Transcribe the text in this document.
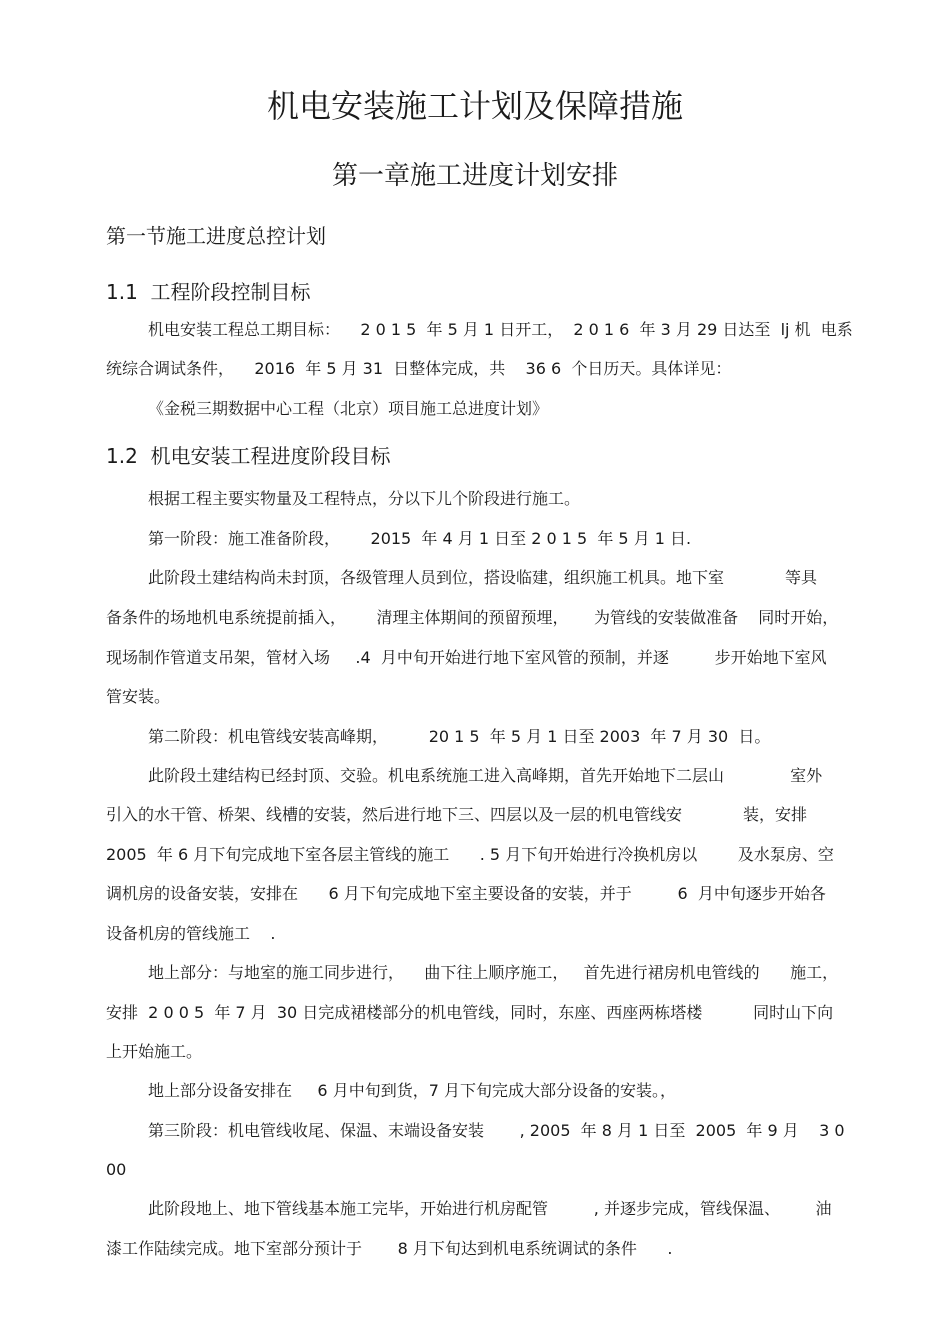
机电安装施工计划及保障措施
第一章施工进度计划安排
第一节施工进度总控计划
1.1  工程阶段控制目标
机电安装工程总工期目标：    2 0 1 5  年 5 月 1 日开工，  2 0 1 6  年 3 月 29 日达至  lj 机  电系
统综合调试条件，    2016  年 5 月 31  日整体完成，共    36 6  个日历天。具体详见：
《金税三期数据中心工程（北京）项目施工总进度计划》
1.2  机电安装工程进度阶段目标
根据工程主要实物量及工程特点，分以下儿个阶段进行施工。
第一阶段：施工准备阶段，      2015  年 4 月 1 日至 2 0 1 5  年 5 月 1 日.
此阶段土建结构尚未封顶，各级管理人员到位，搭设临建，组织施工机具。地下室            等具
备条件的场地机电系统提前插入，      清理主体期间的预留预埋，     为管线的安装做准备    同时开始，
现场制作管道支吊架，管材入场     .4  月中旬开始进行地下室风管的预制，并逐         步开始地下室风
管安装。
第二阶段：机电管线安装高峰期，        20 1 5  年 5 月 1 日至 2003  年 7 月 30  日。
此阶段土建结构已经封顶、交验。机电系统施工进入高峰期，首先开始地下二层山             室外
引入的水干管、桥架、线槽的安装，然后进行地下三、四层以及一层的机电管线安            装，安排
2005  年 6 月下旬完成地下室各层主管线的施工      . 5 月下旬开始进行冷换机房以        及水泵房、空
调机房的设备安装，安排在      6 月下旬完成地下室主要设备的安装，并于         6  月中旬逐步开始各
设备机房的管线施工    .
地上部分：与地室的施工同步进行，    曲下往上顺序施工，   首先进行裙房机电管线的      施工，
安排  2 0 0 5  年 7 月  30 日完成裙楼部分的机电管线，同时，东座、西座两栋塔楼          同时山下向
上开始施工。
地上部分设备安排在     6 月中旬到货，7 月下旬完成大部分设备的安装。，
第三阶段：机电管线收尾、保温、末端设备安装       , 2005  年 8 月 1 日至  2005  年 9 月    3 0
00
此阶段地上、地下管线基本施工完毕，开始进行机房配管         , 并逐步完成，管线保温、       油
漆工作陆续完成。地下室部分预计于       8 月下旬达到机电系统调试的条件      .
